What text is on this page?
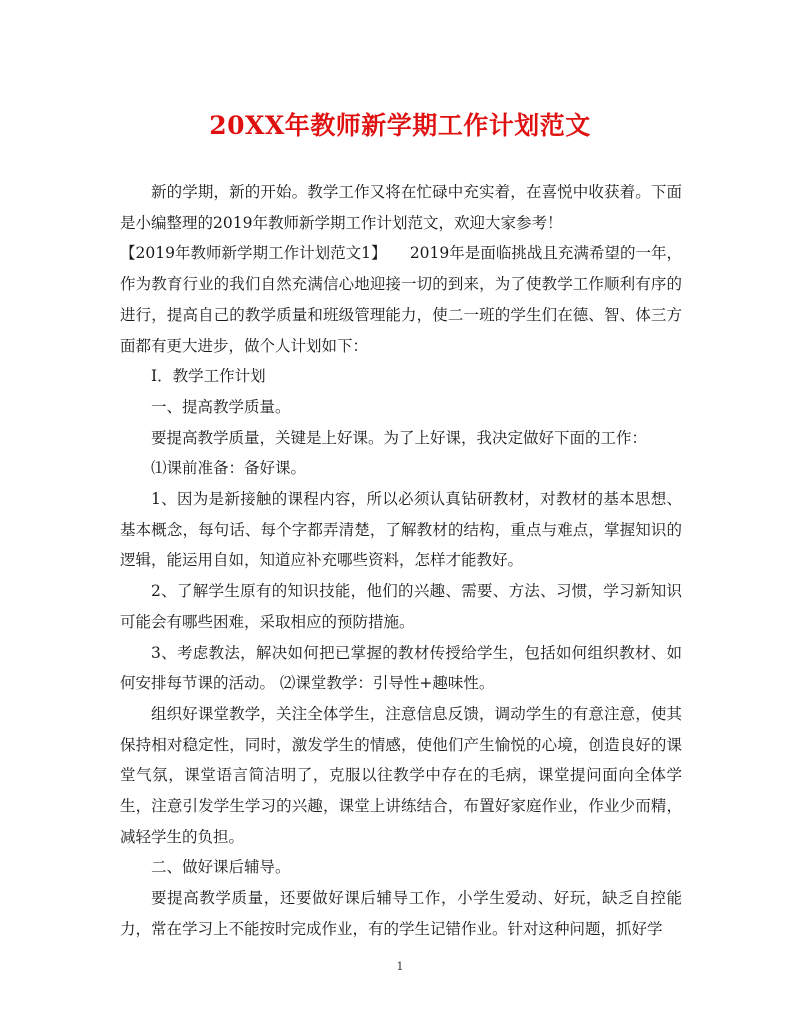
20XX年教师新学期工作计划范文

新的学期，新的开始。教学工作又将在忙碌中充实着，在喜悦中收获着。下面是小编整理的2019年教师新学期工作计划范文，欢迎大家参考！

【2019年教师新学期工作计划范文1】　　2019年是面临挑战且充满希望的一年，作为教育行业的我们自然充满信心地迎接一切的到来，为了使教学工作顺利有序的进行，提高自己的教学质量和班级管理能力，使二一班的学生们在德、智、体三方面都有更大进步，做个人计划如下：

I．教学工作计划

一、提高教学质量。

要提高教学质量，关键是上好课。为了上好课，我决定做好下面的工作：

⑴课前准备：备好课。

1、因为是新接触的课程内容，所以必须认真钻研教材，对教材的基本思想、基本概念，每句话、每个字都弄清楚，了解教材的结构，重点与难点，掌握知识的逻辑，能运用自如，知道应补充哪些资料，怎样才能教好。

2、了解学生原有的知识技能，他们的兴趣、需要、方法、习惯，学习新知识可能会有哪些困难，采取相应的预防措施。

3、考虑教法，解决如何把已掌握的教材传授给学生，包括如何组织教材、如何安排每节课的活动。 ⑵课堂教学：引导性+趣味性。

组织好课堂教学，关注全体学生，注意信息反馈，调动学生的有意注意，使其保持相对稳定性，同时，激发学生的情感，使他们产生愉悦的心境，创造良好的课堂气氛，课堂语言简洁明了，克服以往教学中存在的毛病，课堂提问面向全体学生，注意引发学生学习的兴趣，课堂上讲练结合，布置好家庭作业，作业少而精，减轻学生的负担。

二、做好课后辅导。

要提高教学质量，还要做好课后辅导工作，小学生爱动、好玩，缺乏自控能力，常在学习上不能按时完成作业，有的学生记错作业。针对这种问题，抓好学

1
